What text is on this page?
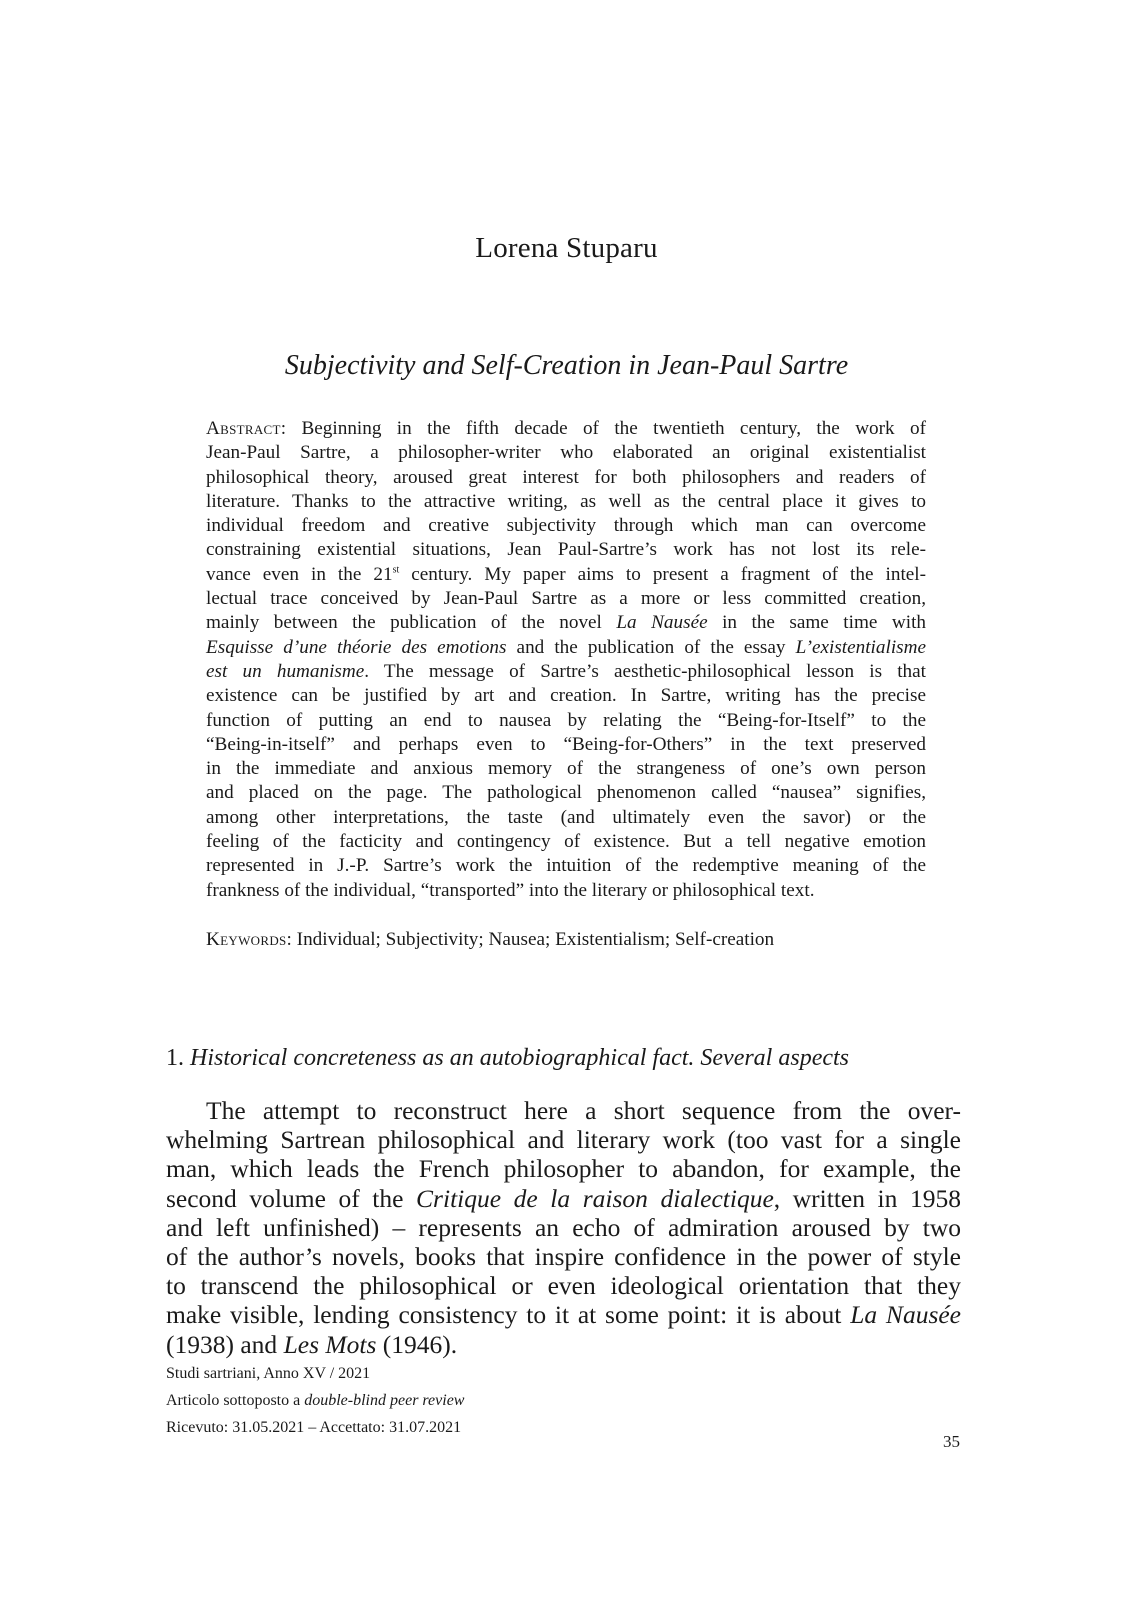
Lorena Stuparu
Subjectivity and Self-Creation in Jean-Paul Sartre
Abstract: Beginning in the fifth decade of the twentieth century, the work of
Jean-Paul Sartre, a philosopher-writer who elaborated an original existentialist
philosophical theory, aroused great interest for both philosophers and readers of
literature. Thanks to the attractive writing, as well as the central place it gives to
individual freedom and creative subjectivity through which man can overcome
constraining existential situations, Jean Paul-Sartre’s work has not lost its rele-
vance even in the 21st century. My paper aims to present a fragment of the intel-
lectual trace conceived by Jean-Paul Sartre as a more or less committed creation,
mainly between the publication of the novel La Nausée in the same time with
Esquisse d’une théorie des emotions and the publication of the essay L’existentialisme
est un humanisme. The message of Sartre’s aesthetic-philosophical lesson is that
existence can be justified by art and creation. In Sartre, writing has the precise
function of putting an end to nausea by relating the “Being-for-Itself” to the
“Being-in-itself” and perhaps even to “Being-for-Others” in the text preserved
in the immediate and anxious memory of the strangeness of one’s own person
and placed on the page. The pathological phenomenon called “nausea” signifies,
among other interpretations, the taste (and ultimately even the savor) or the
feeling of the facticity and contingency of existence. But a tell negative emotion
represented in J.-P. Sartre’s work the intuition of the redemptive meaning of the
frankness of the individual, “transported” into the literary or philosophical text.
Keywords: Individual; Subjectivity; Nausea; Existentialism; Self-creation
1. Historical concreteness as an autobiographical fact. Several aspects
The attempt to reconstruct here a short sequence from the over-
whelming Sartrean philosophical and literary work (too vast for a single
man, which leads the French philosopher to abandon, for example, the
second volume of the Critique de la raison dialectique, written in 1958
and left unfinished) – represents an echo of admiration aroused by two
of the author’s novels, books that inspire confidence in the power of style
to transcend the philosophical or even ideological orientation that they
make visible, lending consistency to it at some point: it is about La Nausée
(1938) and Les Mots (1946).
Studi sartriani, Anno XV / 2021
Articolo sottoposto a double-blind peer review
Ricevuto: 31.05.2021 – Accettato: 31.07.2021
35
